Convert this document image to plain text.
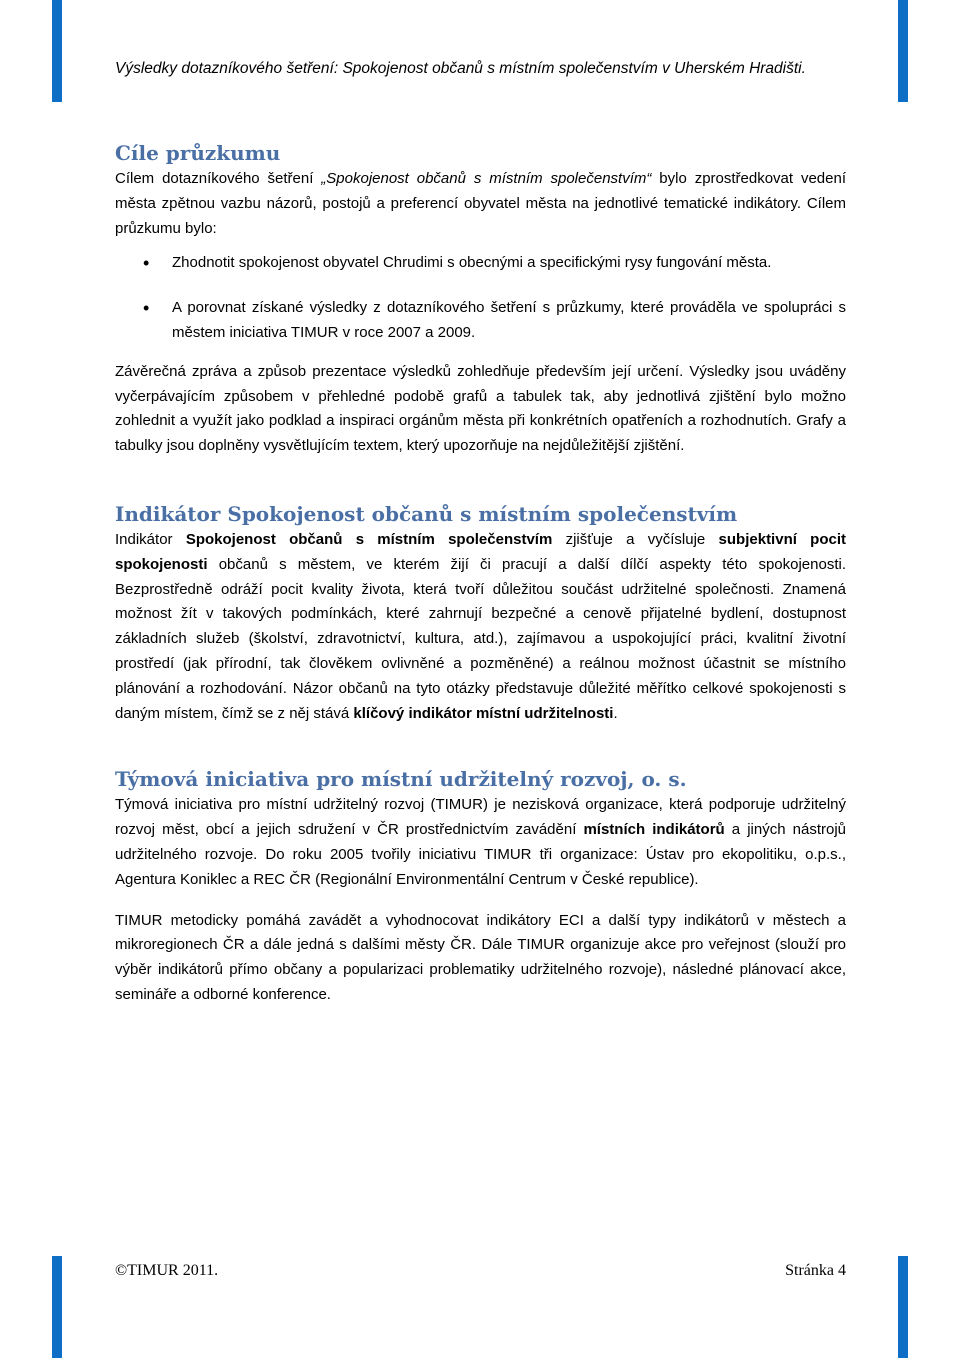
Výsledky dotazníkového šetření: Spokojenost občanů s místním společenstvím v Uherském Hradišti.
Cíle průzkumu

Cílem dotazníkového šetření „Spokojenost občanů s místním společenstvím“ bylo zprostředkovat vedení města zpětnou vazbu názorů, postojů a preferencí obyvatel města na jednotlivé tematické indikátory. Cílem průzkumu bylo:

• Zhodnotit spokojenost obyvatel Chrudimi s obecnými a specifickými rysy fungování města.
• A porovnat získané výsledky z dotazníkového šetření s průzkumy, které prováděla ve spolupráci s městem iniciativa TIMUR v roce 2007 a 2009.

Závěrečná zpráva a způsob prezentace výsledků zohledňuje především její určení. Výsledky jsou uváděny vyčerpávajícím způsobem v přehledné podobě grafů a tabulek tak, aby jednotlivá zjištění bylo možno zohlednit a využít jako podklad a inspiraci orgánům města při konkrétních opatřeních a rozhodnutích. Grafy a tabulky jsou doplněny vysvětlujícím textem, který upozorňuje na nejdůležitější zjištění.

Indikátor Spokojenost občanů s místním společenstvím

Indikátor Spokojenost občanů s místním společenstvím zjišťuje a vyčísluje subjektivní pocit spokojenosti občanů s městem, ve kterém žijí či pracují a další dílčí aspekty této spokojenosti. Bezprostředně odráží pocit kvality života, která tvoří důležitou součást udržitelné společnosti. Znamená možnost žít v takových podmínkách, které zahrnují bezpečné a cenově přijatelné bydlení, dostupnost základních služeb (školství, zdravotnictví, kultura, atd.), zajímavou a uspokojující práci, kvalitní životní prostředí (jak přírodní, tak člověkem ovlivněné a pozměněné) a reálnou možnost účastnit se místního plánování a rozhodování. Názor občanů na tyto otázky představuje důležité měřítko celkové spokojenosti s daným místem, čímž se z něj stává klíčový indikátor místní udržitelnosti.

Týmová iniciativa pro místní udržitelný rozvoj, o. s.

Týmová iniciativa pro místní udržitelný rozvoj (TIMUR) je nezisková organizace, která podporuje udržitelný rozvoj měst, obcí a jejich sdružení v ČR prostřednictvím zavádění místních indikátorů a jiných nástrojů udržitelného rozvoje. Do roku 2005 tvořily iniciativu TIMUR tři organizace: Ústav pro ekopolitiku, o.p.s., Agentura Koniklec a REC ČR (Regionální Environmentální Centrum v České republice).

TIMUR metodicky pomáhá zavádět a vyhodnocovat indikátory ECI a další typy indikátorů v městech a mikroregionech ČR a dále jedná s dalšími městy ČR. Dále TIMUR organizuje akce pro veřejnost (slouží pro výběr indikátorů přímo občany a popularizaci problematiky udržitelného rozvoje), následné plánovací akce, semináře a odborné konference.

©TIMUR 2011.	Stránka 4
